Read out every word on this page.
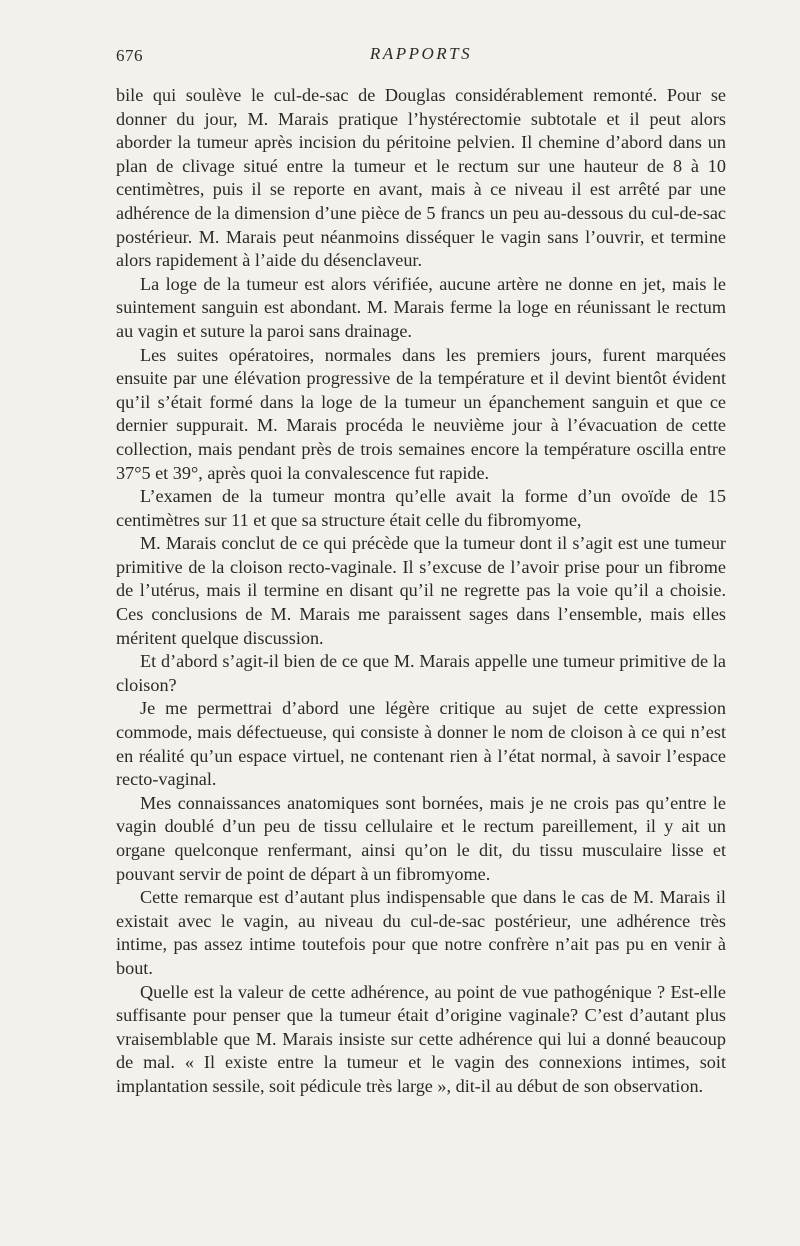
676	RAPPORTS

bile qui soulève le cul-de-sac de Douglas considérablement remonté. Pour se donner du jour, M. Marais pratique l’hystérectomie subtotale et il peut alors aborder la tumeur après incision du péritoine pelvien. Il chemine d’abord dans un plan de clivage situé entre la tumeur et le rectum sur une hauteur de 8 à 10 centimètres, puis il se reporte en avant, mais à ce niveau il est arrêté par une adhérence de la dimension d’une pièce de 5 francs un peu au-dessous du cul-de-sac postérieur. M. Marais peut néanmoins disséquer le vagin sans l’ouvrir, et termine alors rapidement à l’aide du désenclaveur.

La loge de la tumeur est alors vérifiée, aucune artère ne donne en jet, mais le suintement sanguin est abondant. M. Marais ferme la loge en réunissant le rectum au vagin et suture la paroi sans drainage.

Les suites opératoires, normales dans les premiers jours, furent marquées ensuite par une élévation progressive de la température et il devint bientôt évident qu’il s’était formé dans la loge de la tumeur un épanchement sanguin et que ce dernier suppurait. M. Marais procéda le neuvième jour à l’évacuation de cette collection, mais pendant près de trois semaines encore la température oscilla entre 37°5 et 39°, après quoi la convalescence fut rapide.

L’examen de la tumeur montra qu’elle avait la forme d’un ovoïde de 15 centimètres sur 11 et que sa structure était celle du fibromyome,

M. Marais conclut de ce qui précède que la tumeur dont il s’agit est une tumeur primitive de la cloison recto-vaginale. Il s’excuse de l’avoir prise pour un fibrome de l’utérus, mais il termine en disant qu’il ne regrette pas la voie qu’il a choisie. Ces conclusions de M. Marais me paraissent sages dans l’ensemble, mais elles méritent quelque discussion.

Et d’abord s’agit-il bien de ce que M. Marais appelle une tumeur primitive de la cloison?

Je me permettrai d’abord une légère critique au sujet de cette expression commode, mais défectueuse, qui consiste à donner le nom de cloison à ce qui n’est en réalité qu’un espace virtuel, ne contenant rien à l’état normal, à savoir l’espace recto-vaginal.

Mes connaissances anatomiques sont bornées, mais je ne crois pas qu’entre le vagin doublé d’un peu de tissu cellulaire et le rectum pareillement, il y ait un organe quelconque renfermant, ainsi qu’on le dit, du tissu musculaire lisse et pouvant servir de point de départ à un fibromyome.

Cette remarque est d’autant plus indispensable que dans le cas de M. Marais il existait avec le vagin, au niveau du cul-de-sac postérieur, une adhérence très intime, pas assez intime toutefois pour que notre confrère n’ait pas pu en venir à bout.

Quelle est la valeur de cette adhérence, au point de vue pathogénique ? Est-elle suffisante pour penser que la tumeur était d’origine vaginale? C’est d’autant plus vraisemblable que M. Marais insiste sur cette adhérence qui lui a donné beaucoup de mal. « Il existe entre la tumeur et le vagin des connexions intimes, soit implantation sessile, soit pédicule très large », dit-il au début de son observation.
